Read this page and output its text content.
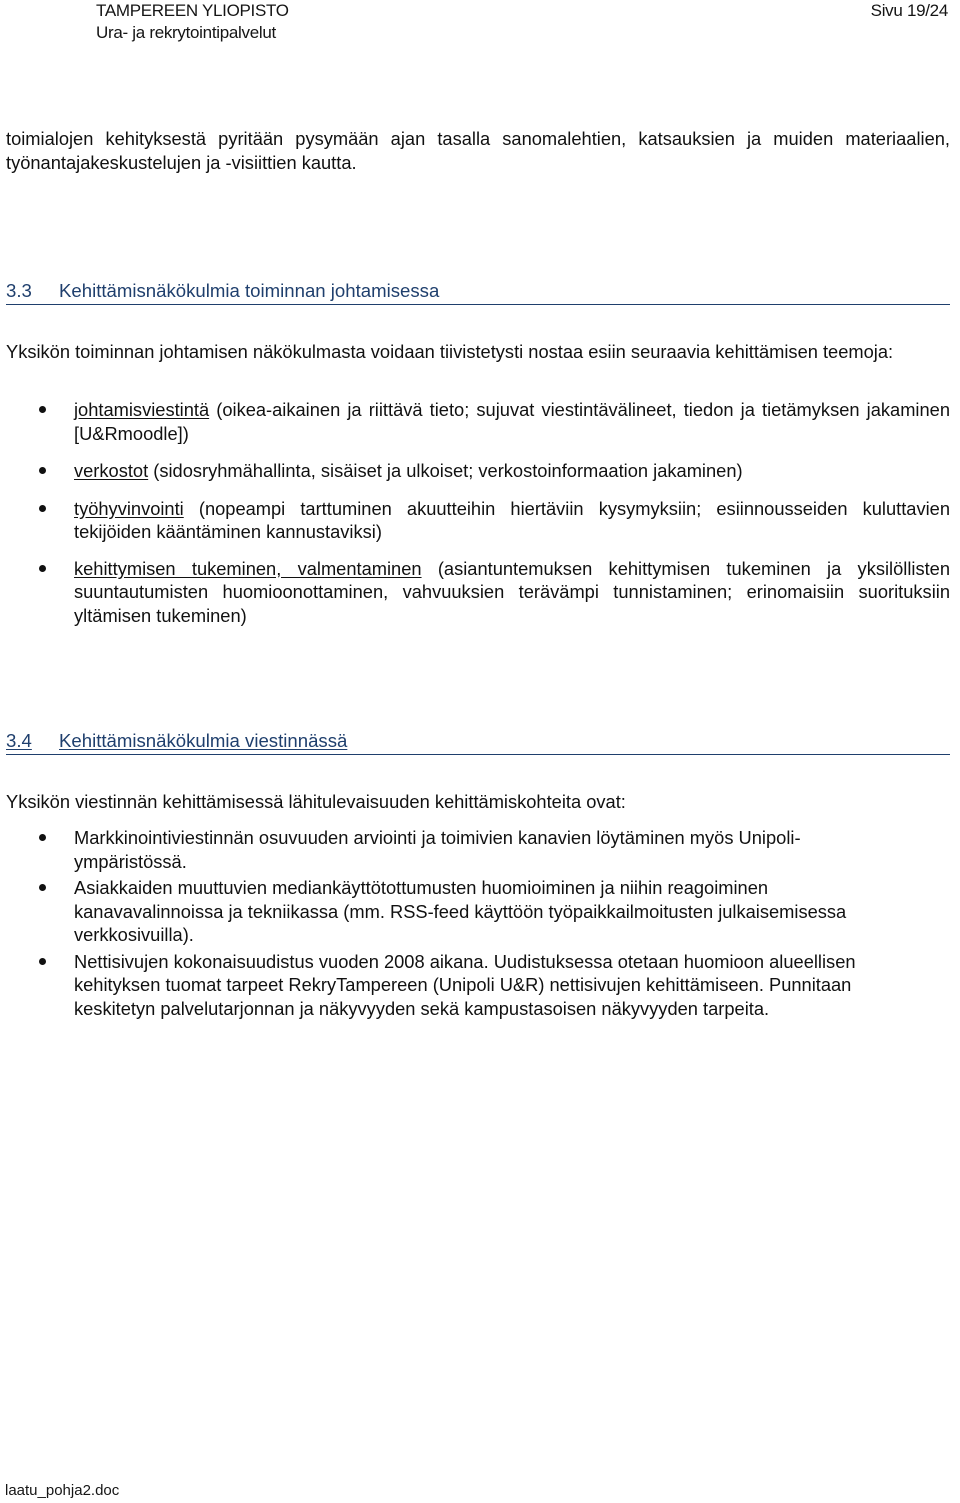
TAMPEREEN YLIOPISTO
Ura- ja rekrytointipalvelut
Sivu 19/24
toimialojen kehityksestä pyritään pysymään ajan tasalla sanomalehtien, katsauksien ja muiden materiaalien, työnantajakeskustelujen ja -visiittien kautta.
3.3 Kehittämisnäkökulmia toiminnan johtamisessa
Yksikön toiminnan johtamisen näkökulmasta voidaan tiivistetysti nostaa esiin seuraavia kehittämisen teemoja:
johtamisviestintä (oikea-aikainen ja riittävä tieto; sujuvat viestintävälineet, tiedon ja tietämyksen jakaminen [U&Rmoodle])
verkostot (sidosryhmähallinta, sisäiset ja ulkoiset; verkostoinformaation jakaminen)
työhyvinvointi (nopeampi tarttuminen akuutteihin hiertäviin kysymyksiin; esiinnousseiden kuluttavien tekijöiden kääntäminen kannustaviksi)
kehittymisen tukeminen, valmentaminen (asiantuntemuksen kehittymisen tukeminen ja yksilöllisten suuntautumisten huomioonottaminen, vahvuuksien terävämpi tunnistaminen; erinomaisiin suorituksiin yltämisen tukeminen)
3.4 Kehittämisnäkökulmia viestinnässä
Yksikön viestinnän kehittämisessä lähitulevaisuuden kehittämiskohteita ovat:
Markkinointiviestinnän osuvuuden arviointi ja toimivien kanavien löytäminen myös Unipoli-ympäristössä.
Asiakkaiden muuttuvien mediankäyttötottumusten huomioiminen ja niihin reagoiminen kanavavalinnoissa ja tekniikassa (mm. RSS-feed käyttöön työpaikkailmoitusten julkaisemisessa verkkosivuilla).
Nettisivujen kokonaisuudistus vuoden 2008 aikana. Uudistuksessa otetaan huomioon alueellisen kehityksen tuomat tarpeet RekryTampereen (Unipoli U&R) nettisivujen kehittämiseen. Punnitaan keskitetyn palvelutarjonnan ja näkyvyyden sekä kampustasoisen näkyvyyden tarpeita.
laatu_pohja2.doc
